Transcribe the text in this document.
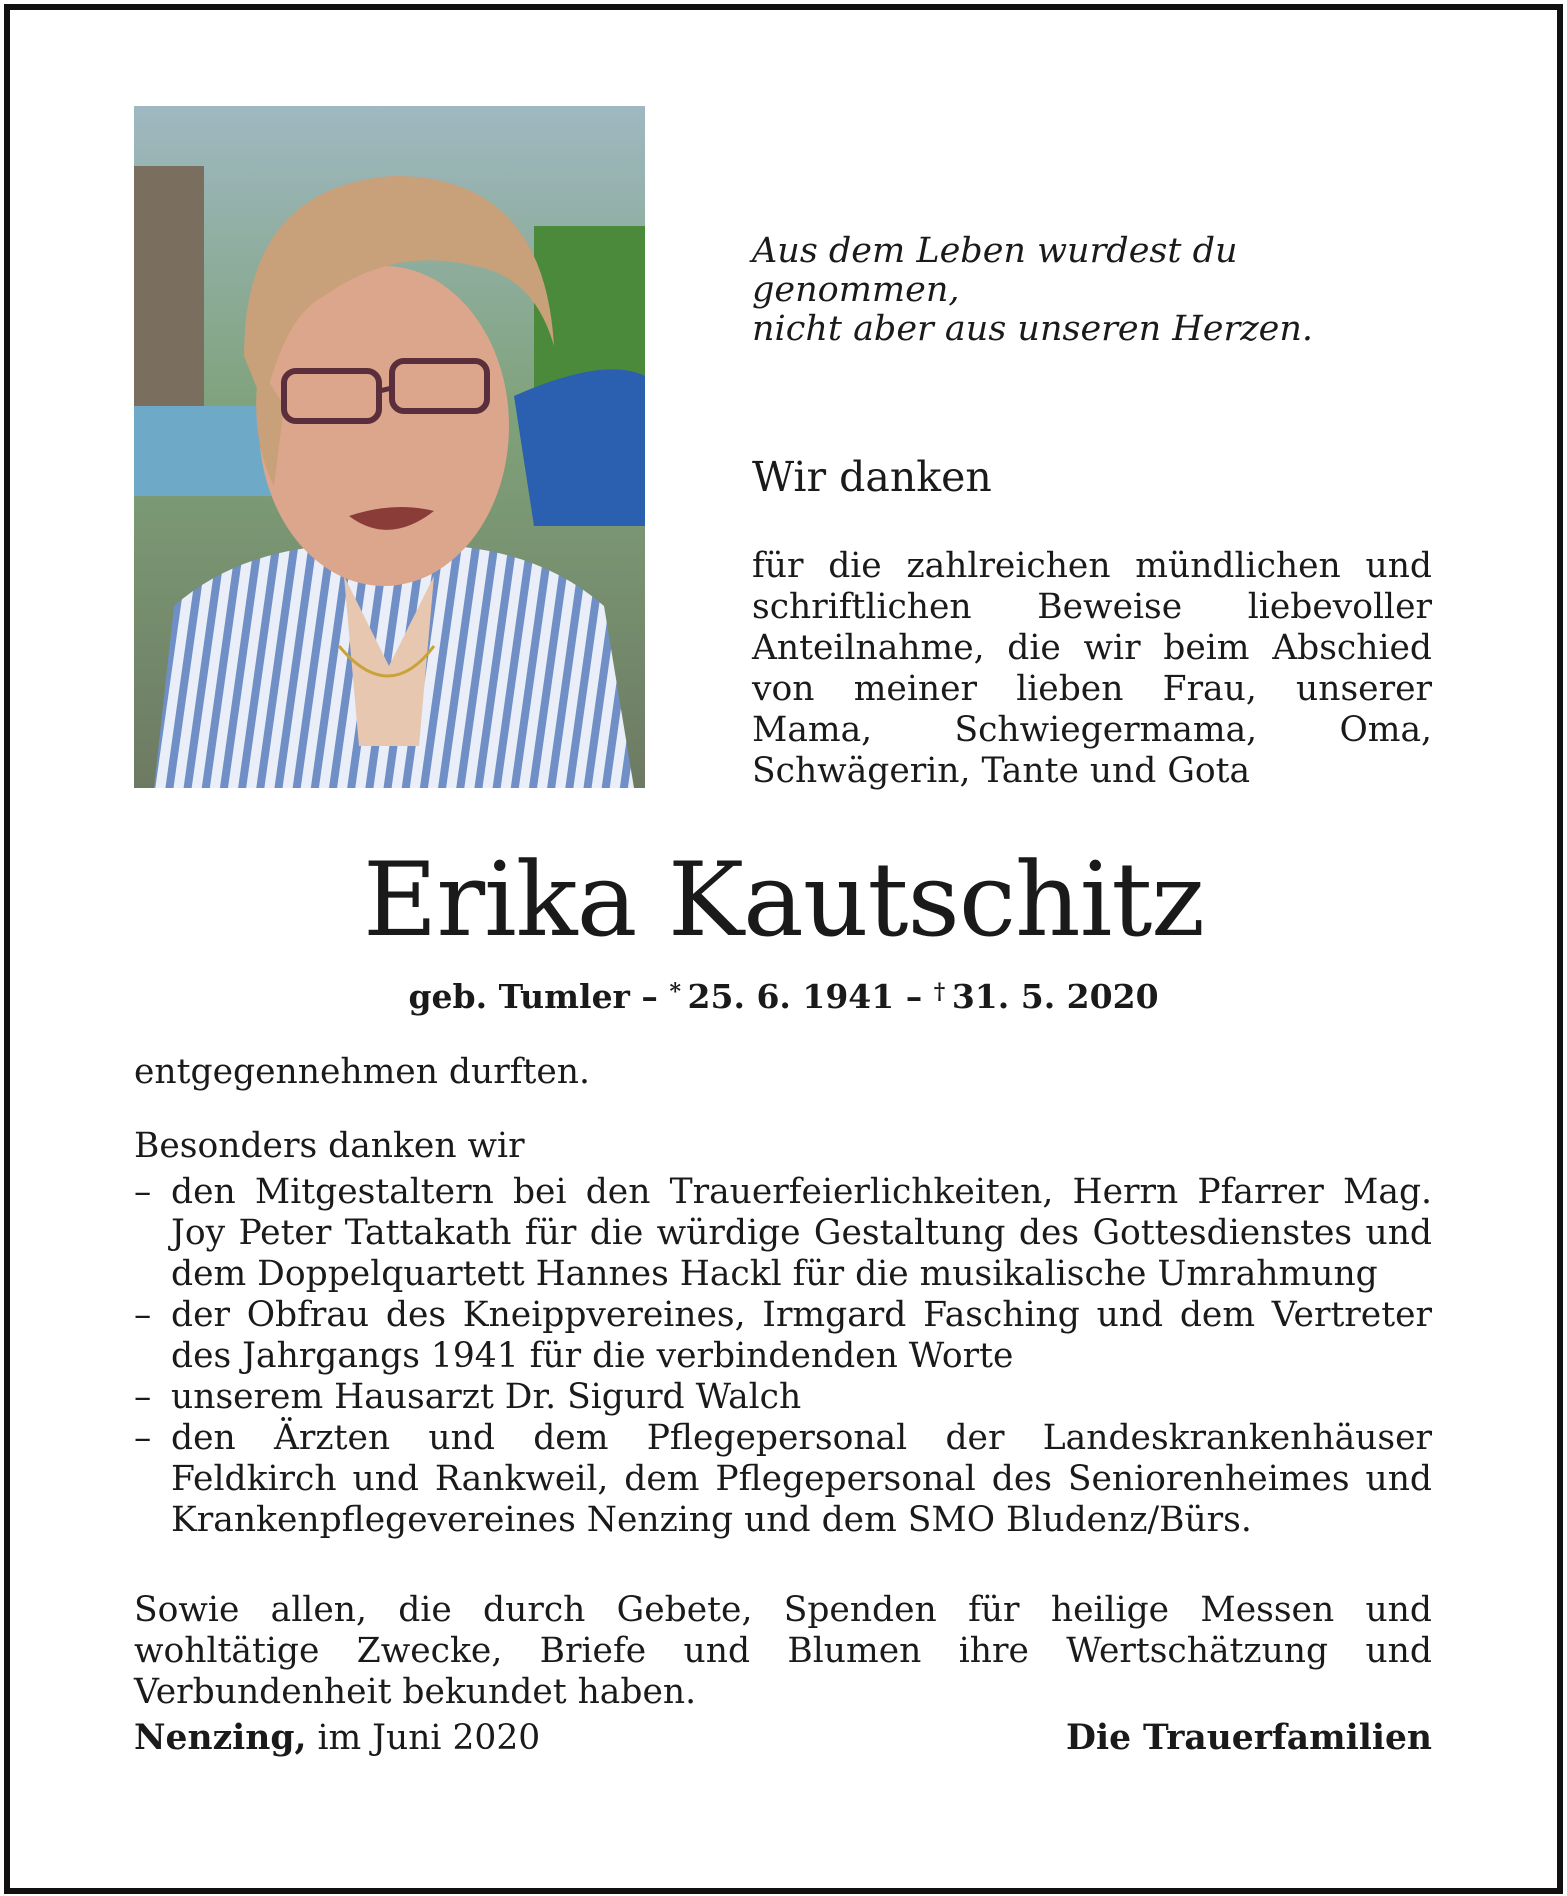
Aus dem Leben wurdest du genommen,
nicht aber aus unseren Herzen.
Wir danken
für die zahlreichen mündlichen und schriftlichen Beweise liebevoller Anteilnahme, die wir beim Abschied von meiner lieben Frau, unserer Mama, Schwiegermama, Oma, Schwägerin, Tante und Gota
Erika Kautschitz
geb. Tumler – *  25. 6. 1941 – †  31. 5. 2020
entgegennehmen durften.
Besonders danken wir
– den Mitgestaltern bei den Trauerfeierlichkeiten, Herrn Pfarrer Mag. Joy Peter Tattakath für die würdige Gestaltung des Gottesdienstes und dem Doppelquartett Hannes Hackl für die musikalische Umrahmung
– der Obfrau des Kneippvereines, Irmgard Fasching und dem Vertreter des Jahrgangs 1941 für die verbindenden Worte
– unserem Hausarzt Dr. Sigurd Walch
– den Ärzten und dem Pflegepersonal der Landeskrankenhäuser Feldkirch und Rankweil, dem Pflegepersonal des Seniorenheimes und Krankenpflegevereines Nenzing und dem SMO Bludenz/Bürs.
Sowie allen, die durch Gebete, Spenden für heilige Messen und wohltätige Zwecke, Briefe und Blumen ihre Wertschätzung und Verbundenheit bekundet haben.
Nenzing, im Juni 2020	Die Trauerfamilien
